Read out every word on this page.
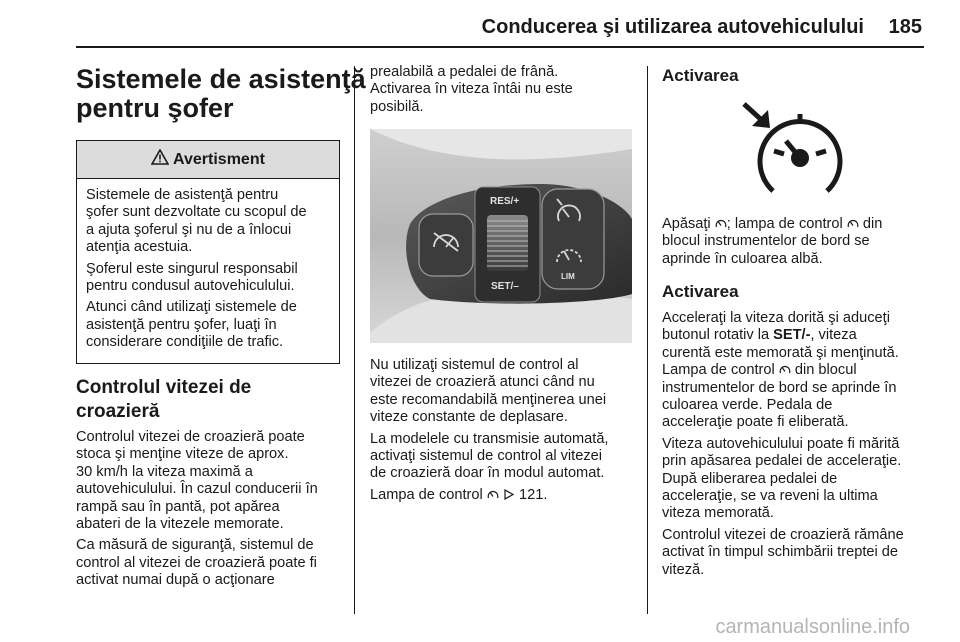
Conducerea şi utilizarea autovehiculului 185
Sistemele de asistenţă
pentru şofer
Avertisment
Sistemele de asistenţă pentru
şofer sunt dezvoltate cu scopul de
a ajuta şoferul şi nu de a înlocui
atenţia acestuia.
Şoferul este singurul responsabil
pentru condusul autovehiculului.
Atunci când utilizaţi sistemele de
asistenţă pentru şofer, luaţi în
considerare condiţiile de trafic.
Controlul vitezei de
croazieră
Controlul vitezei de croazieră poate
stoca şi menţine viteze de aprox.
30 km/h la viteza maximă a
autovehiculului. În cazul conducerii în
rampă sau în pantă, pot apărea
abateri de la vitezele memorate.
Ca măsură de siguranţă, sistemul de
control al vitezei de croazieră poate fi
activat numai după o acţionare
prealabilă a pedalei de frână.
Activarea în viteza întâi nu este
posibilă.
RES/+
SET/–
LIM
Nu utilizaţi sistemul de control al
vitezei de croazieră atunci când nu
este recomandabilă menţinerea unei
viteze constante de deplasare.
La modelele cu transmisie automată,
activaţi sistemul de control al vitezei
de croazieră doar în modul automat.
Lampa de control 121.
Activarea
Apăsaţi ; lampa de control din
blocul instrumentelor de bord se
aprinde în culoarea albă.
Activarea
Acceleraţi la viteza dorită şi aduceţi
butonul rotativ la SET/-, viteza
curentă este memorată şi menţinută.
Lampa de control din blocul
instrumentelor de bord se aprinde în
culoarea verde. Pedala de
acceleraţie poate fi eliberată.
Viteza autovehiculului poate fi mărită
prin apăsarea pedalei de acceleraţie.
După eliberarea pedalei de
acceleraţie, se va reveni la ultima
viteza memorată.
Controlul vitezei de croazieră rămâne
activat în timpul schimbării treptei de
viteză.
carmanualsonline.info
